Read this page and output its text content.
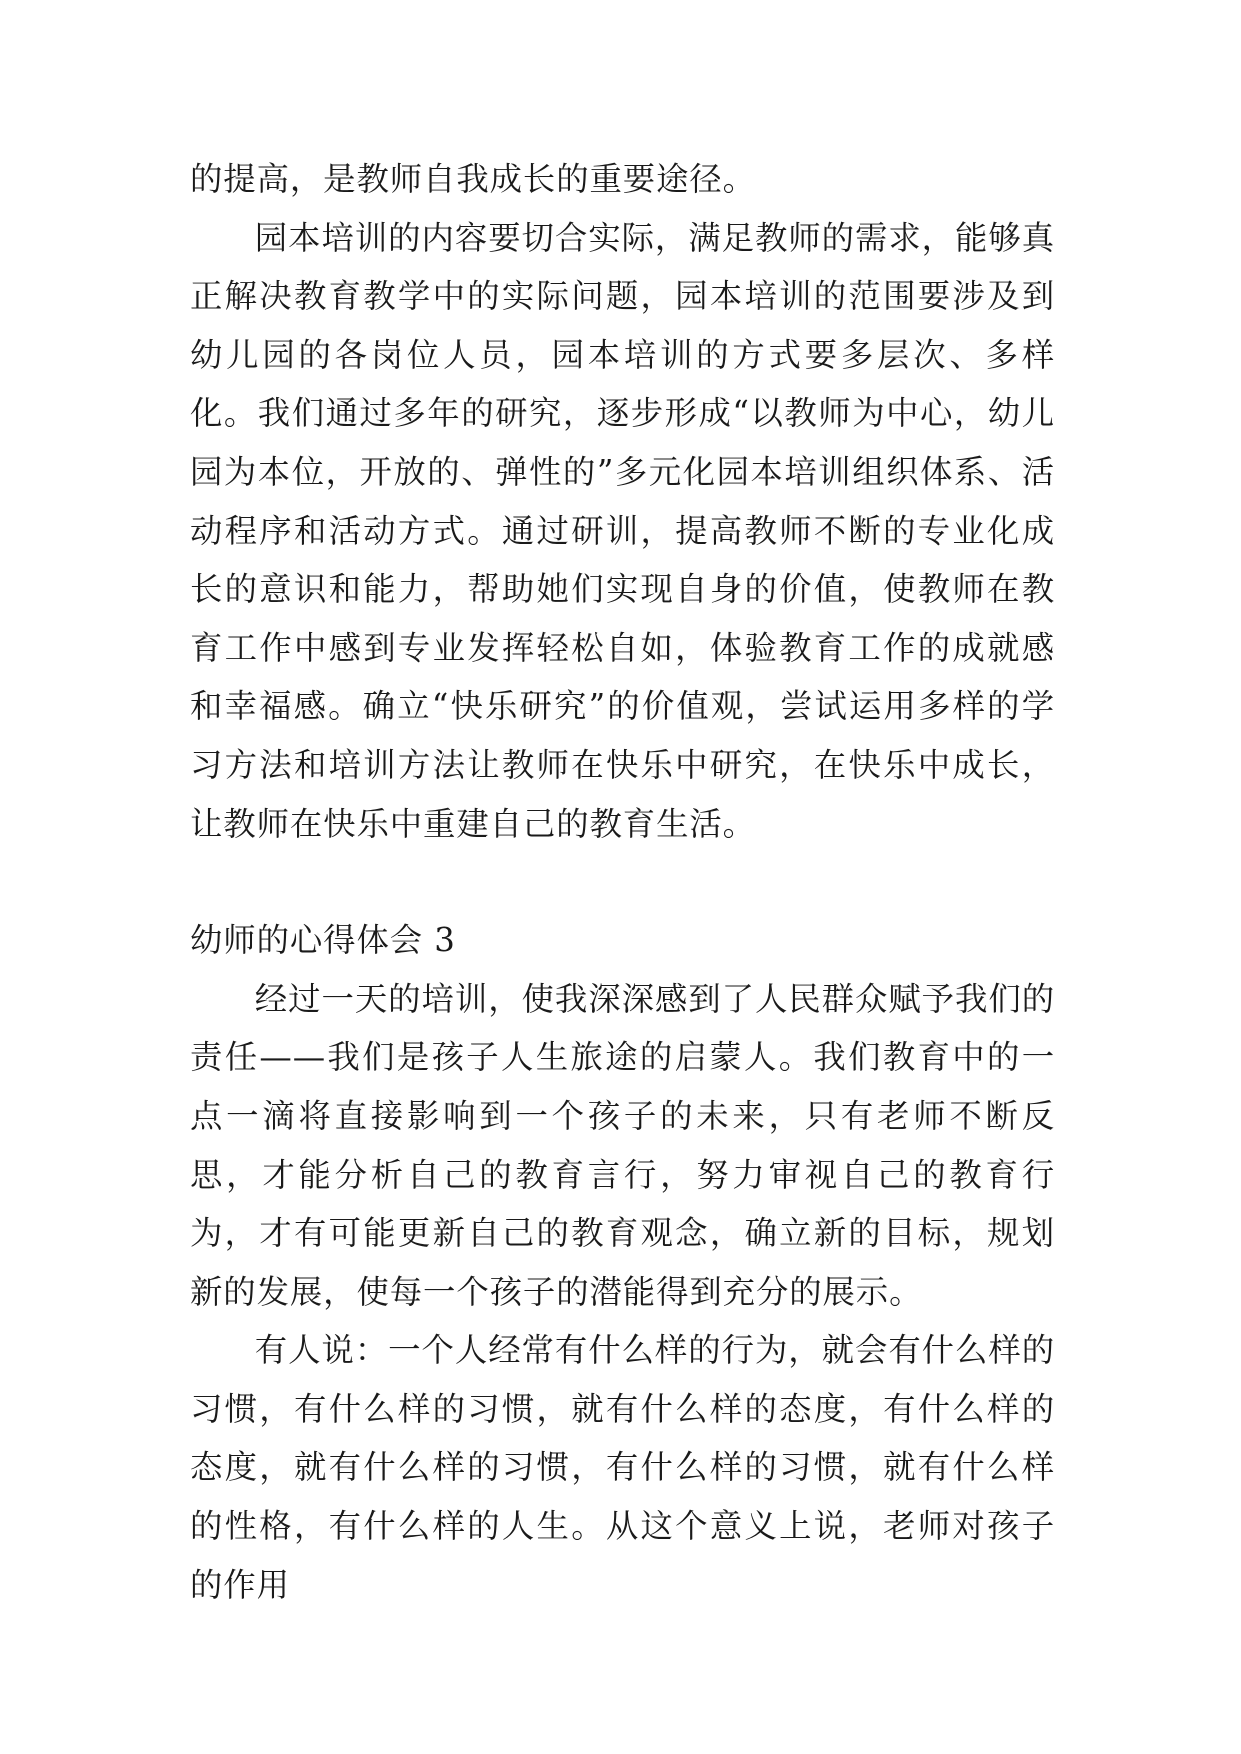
的提高，是教师自我成长的重要途径。

园本培训的内容要切合实际，满足教师的需求，能够真正解决教育教学中的实际问题，园本培训的范围要涉及到幼儿园的各岗位人员，园本培训的方式要多层次、多样化。我们通过多年的研究，逐步形成“以教师为中心，幼儿园为本位，开放的、弹性的”多元化园本培训组织体系、活动程序和活动方式。通过研训，提高教师不断的专业化成长的意识和能力，帮助她们实现自身的价值，使教师在教育工作中感到专业发挥轻松自如，体验教育工作的成就感和幸福感。确立“快乐研究”的价值观，尝试运用多样的学习方法和培训方法让教师在快乐中研究，在快乐中成长，让教师在快乐中重建自己的教育生活。

幼师的心得体会 3

经过一天的培训，使我深深感到了人民群众赋予我们的责任——我们是孩子人生旅途的启蒙人。我们教育中的一点一滴将直接影响到一个孩子的未来，只有老师不断反思，才能分析自己的教育言行，努力审视自己的教育行为，才有可能更新自己的教育观念，确立新的目标，规划新的发展，使每一个孩子的潜能得到充分的展示。

有人说：一个人经常有什么样的行为，就会有什么样的习惯，有什么样的习惯，就有什么样的态度，有什么样的态度，就有什么样的习惯，有什么样的习惯，就有什么样的性格，有什么样的人生。从这个意义上说，老师对孩子的作用
